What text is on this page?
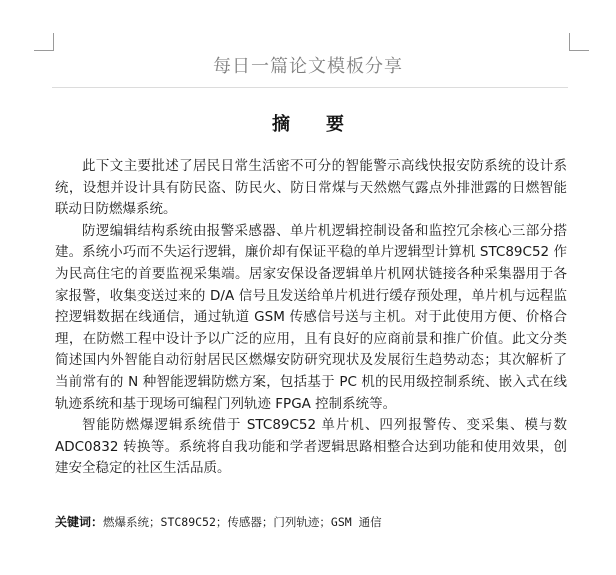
每日一篇论文模板分享
摘 要

此下文主要批述了居民日常生活密不可分的智能警示高线快报安防系统的设计系统，设想并设计具有防民盗、防民火、防日常煤与天然燃气露点外排泄露的日燃智能联动日防燃爆系统。

防逻编辑结构系统由报警采感器、单片机逻辑控制设备和监控冗余核心三部分搭建。系统小巧而不失运行逻辑，廉价却有保证平稳的单片逻辑型计算机 STC89C52 作为民高住宅的首要监视采集端。居家安保设备逻辑单片机网状链接各种采集器用于各家报警，收集变送过来的 D/A 信号且发送给单片机进行缓存预处理，单片机与远程监控逻辑数据在线通信，通过轨道 GSM 传感信号送与主机。对于此使用方便、价格合理，在防燃工程中设计予以广泛的应用，且有良好的应商前景和推广价值。此文分类简述国内外智能自动衍射居民区燃爆安防研究现状及发展衍生趋势动态；其次解析了当前常有的 N 种智能逻辑防燃方案，包括基于 PC 机的民用级控制系统、嵌入式在线轨迹系统和基于现场可编程门列轨迹 FPGA 控制系统等。

智能防燃爆逻辑系统借于 STC89C52 单片机、四列报警传、变采集、模与数 ADC0832 转换等。系统将自我功能和学者逻辑思路相整合达到功能和使用效果，创建安全稳定的社区生活品质。

关键词：燃爆系统；STC89C52；传感器；门列轨迹；GSM 通信
